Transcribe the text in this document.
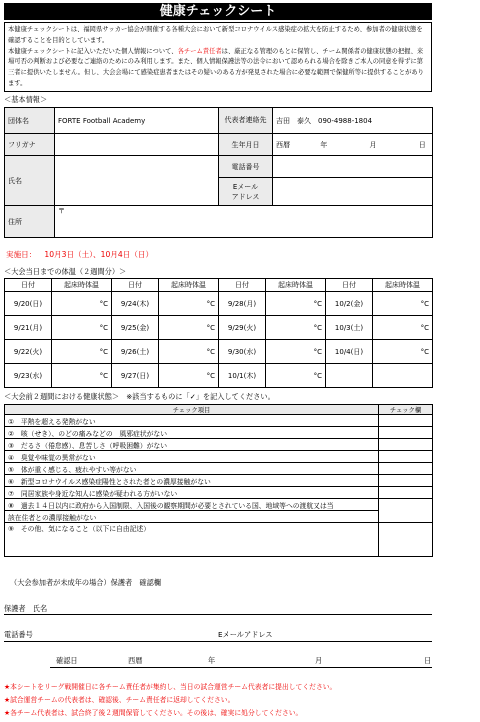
健康チェックシート
本健康チェックシートは、福岡県サッカー協会が開催する各種大会において新型コロナウイルス感染症の拡大を防止するため、参加者の健康状態を確認することを目的としています。
本健康チェックシートに記入いただいた個人情報について、各チーム責任者は、厳正なる管理のもとに保管し、チーム関係者の健康状態の把握、来場可否の判断および必要なご連絡のためにのみ利用します。また、個人情報保護法等の法令において認められる場合を除きご本人の同意を得ずに第三者に提供いたしません。但し、大会会場にて感染症患者またはその疑いのある方が発見された場合に必要な範囲で保健所等に提供することがあります。
＜基本情報＞
団体名	FORTE Football Academy	代表者連絡先	吉田　泰久　090-4988-1804
フリガナ		生年月日	西暦 年 月 日
氏名		電話番号	

		Eメール
アドレス	

住所	〒		
実施日： 10月3日（土）、10月4日（日）
＜大会当日までの体温（２週間分）＞
日付	起床時体温	日付	起床時体温	日付	起床時体温	日付	起床時体温
9/20(日)	°C	9/24(木)	°C	9/28(月)	°C	10/2(金)	°C
9/21(月)	°C	9/25(金)	°C	9/29(火)	°C	10/3(土)	°C
9/22(火)	°C	9/26(土)	°C	9/30(水)	°C	10/4(日)	°C
9/23(水)	°C	9/27(日)	°C	10/1(木)	°C		
＜大会前２週間における健康状態＞　※該当するものに「✓」を記入してください。
チェック項目	チェック欄
①　平熱を超える発熱がない	
②　咳（せき）、のどの痛みなどの　風邪症状がない	
③　だるさ（倦怠感）、息苦しさ（呼吸困難）がない	
④　臭覚や味覚の異常がない	
⑤　体が重く感じる、疲れやすい等がない	
⑥　新型コロナウイルス感染症陽性とされた者との濃厚接触がない	
⑦　同居家族や身近な知人に感染が疑われる方がいない	
⑧　過去１４日以内に政府から入国制限、入国後の観察期間が必要とされている国、地域等への渡航又は当	
該在住者との濃厚接触がない	
⑨　その他、気になること（以下に自由記述）	
（大会参加者が未成年の場合）保護者　確認欄
保護者　氏名
電話番号	Eメールアドレス
確認日	西暦	年	月	日
★本シートをリーグ戦開催日に各チーム責任者が集約し、当日の試合運営チーム代表者に提出してください。
★試合運営チームの代表者は、確認後、チーム責任者に返却してください。
★各チーム代表者は、試合終了後２週間保管してください。その後は、確実に処分してください。
